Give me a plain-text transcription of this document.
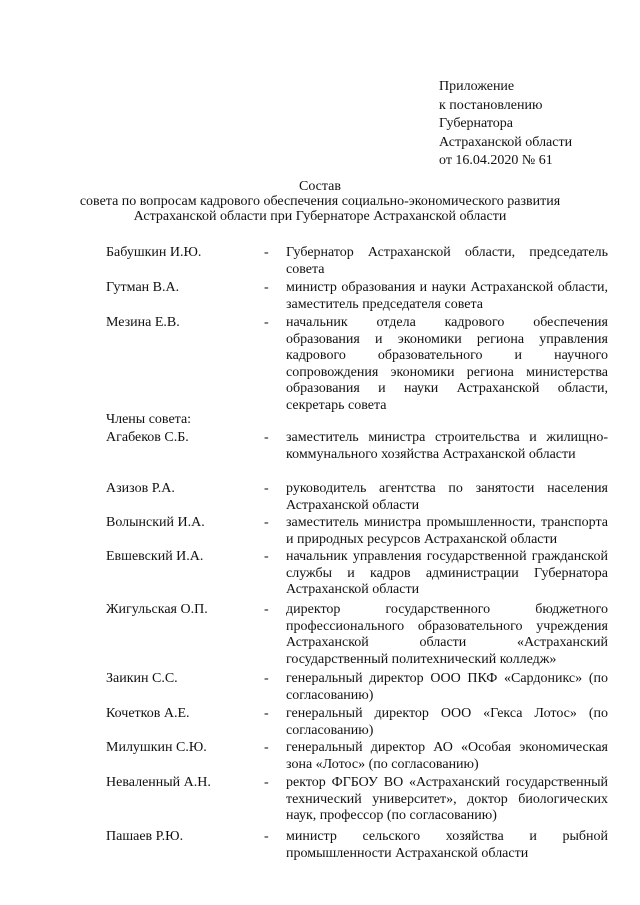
Приложение
к постановлению
Губернатора
Астраханской области
от 16.04.2020 № 61
Состав
совета по вопросам кадрового обеспечения социально-экономического развития
Астраханской области при Губернаторе Астраханской области
Бабушкин И.Ю.	- Губернатор Астраханской области, председатель совета
Гутман В.А.	- министр образования и науки Астраханской области, заместитель председателя совета
Мезина Е.В.	- начальник отдела кадрового обеспечения образования и экономики региона управления кадрового образовательного и научного сопровождения экономики региона министерства образования и науки Астраханской области, секретарь совета
Члены совета:
Агабеков С.Б.	- заместитель министра строительства и жилищно-коммунального хозяйства Астраханской области
Азизов Р.А.	- руководитель агентства по занятости населения Астраханской области
Волынский И.А.	- заместитель министра промышленности, транспорта и природных ресурсов Астраханской области
Евшевский И.А.	- начальник управления государственной гражданской службы и кадров администрации Губернатора Астраханской области
Жигульская О.П.	- директор государственного бюджетного профессионального образовательного учреждения Астраханской области «Астраханский государственный политехнический колледж»
Заикин С.С.	- генеральный директор ООО ПКФ «Сардоникс» (по согласованию)
Кочетков А.Е.	- генеральный директор ООО «Гекса Лотос» (по согласованию)
Милушкин С.Ю.	- генеральный директор АО «Особая экономическая зона «Лотос» (по согласованию)
Неваленный А.Н.	- ректор ФГБОУ ВО «Астраханский государственный технический университет», доктор биологических наук, профессор (по согласованию)
Пашаев Р.Ю.	- министр сельского хозяйства и рыбной промышленности Астраханской области
